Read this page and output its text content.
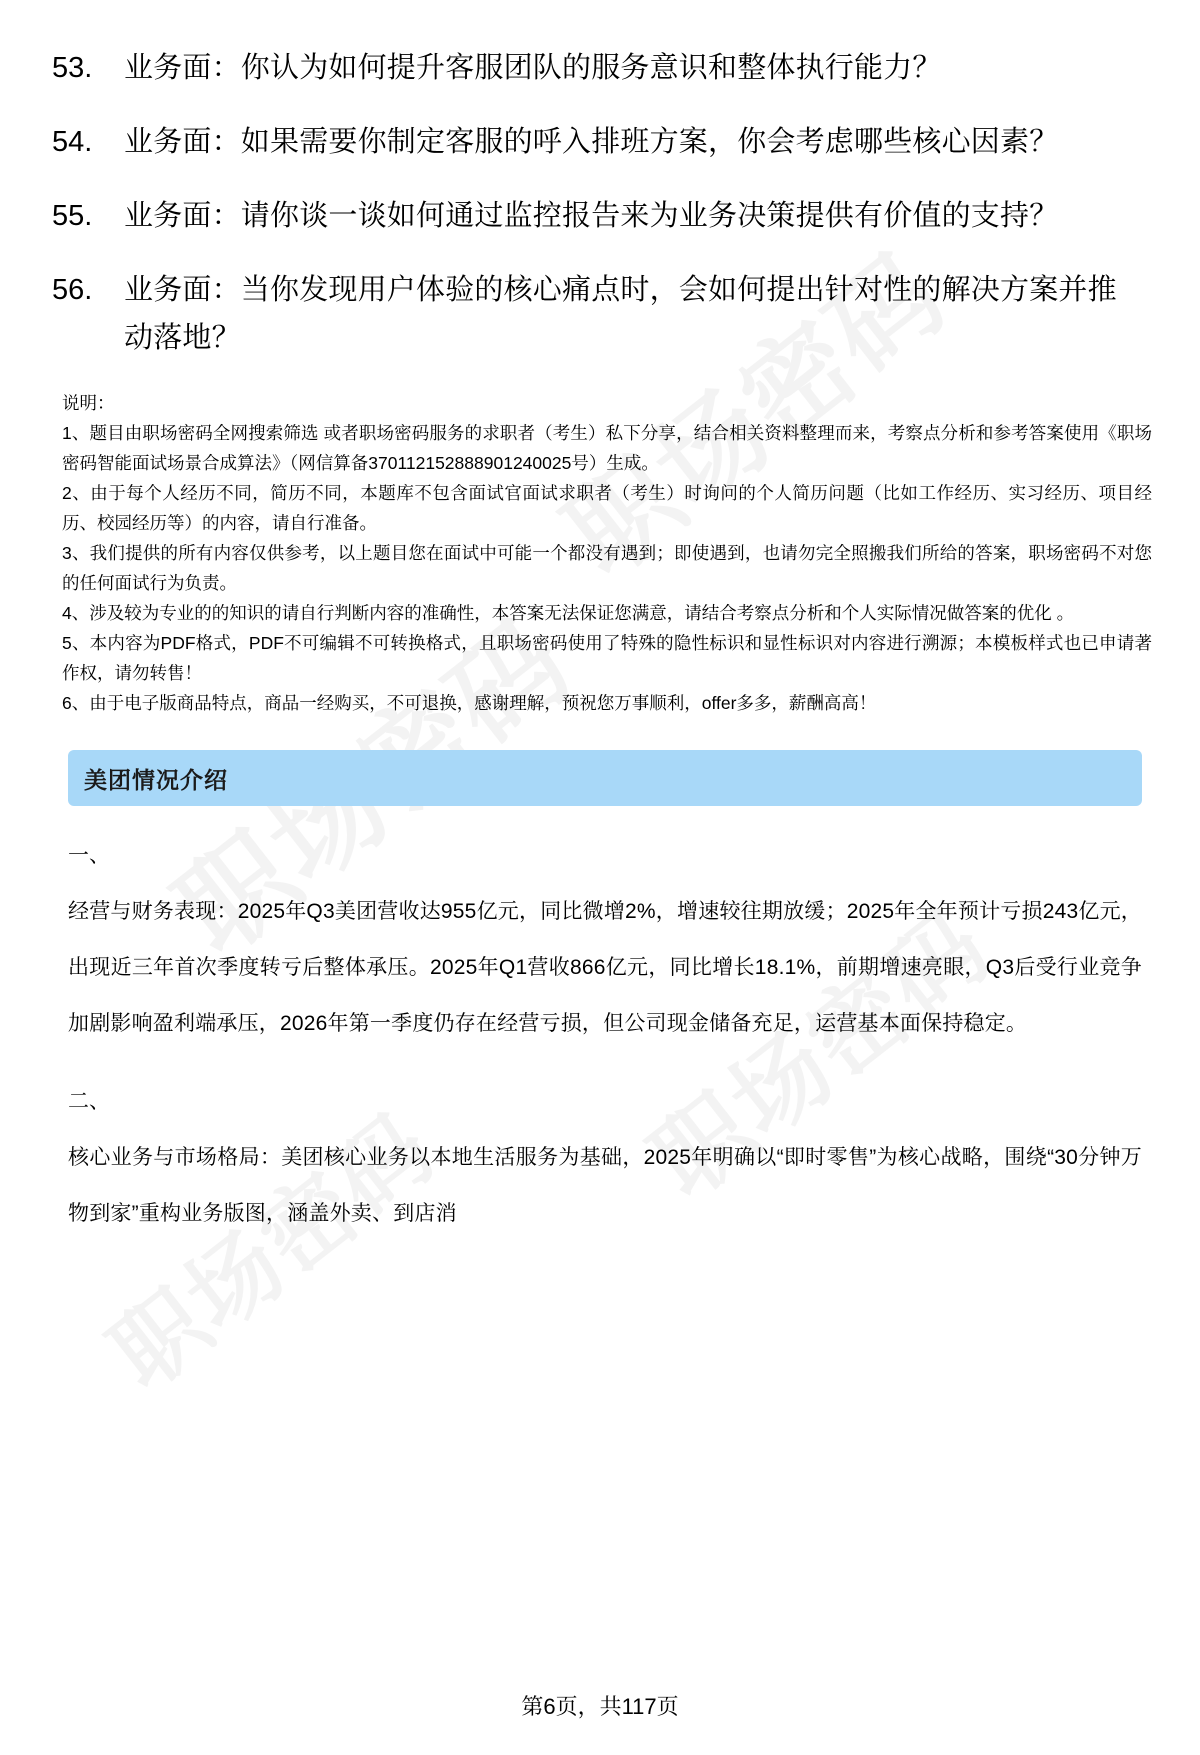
53.	业务面：你认为如何提升客服团队的服务意识和整体执行能力？
54.	业务面：如果需要你制定客服的呼入排班方案，你会考虑哪些核心因素？
55.	业务面：请你谈一谈如何通过监控报告来为业务决策提供有价值的支持？
56.	业务面：当你发现用户体验的核心痛点时，会如何提出针对性的解决方案并推动落地？
说明：
1、题目由职场密码全网搜索筛选 或者职场密码服务的求职者（考生）私下分享，结合相关资料整理而来，考察点分析和参考答案使用《职场密码智能面试场景合成算法》（网信算备370112152888901240025号）生成。
2、由于每个人经历不同，简历不同，本题库不包含面试官面试求职者（考生）时询问的个人简历问题（比如工作经历、实习经历、项目经历、校园经历等）的内容，请自行准备。
3、我们提供的所有内容仅供参考，以上题目您在面试中可能一个都没有遇到；即使遇到，也请勿完全照搬我们所给的答案，职场密码不对您的任何面试行为负责。
4、涉及较为专业的的知识的请自行判断内容的准确性，本答案无法保证您满意，请结合考察点分析和个人实际情况做答案的优化 。
5、本内容为PDF格式，PDF不可编辑不可转换格式，且职场密码使用了特殊的隐性标识和显性标识对内容进行溯源；本模板样式也已申请著作权，请勿转售！
6、由于电子版商品特点，商品一经购买，不可退换，感谢理解，预祝您万事顺利，offer多多，薪酬高高！
美团情况介绍
一、
经营与财务表现：2025年Q3美团营收达955亿元，同比微增2%，增速较往期放缓；2025年全年预计亏损243亿元，出现近三年首次季度转亏后整体承压。2025年Q1营收866亿元，同比增长18.1%，前期增速亮眼，Q3后受行业竞争加剧影响盈利端承压，2026年第一季度仍存在经营亏损，但公司现金储备充足，运营基本面保持稳定。
二、
核心业务与市场格局：美团核心业务以本地生活服务为基础，2025年明确以“即时零售”为核心战略，围绕“30分钟万物到家”重构业务版图，涵盖外卖、到店消
第6页，共117页
